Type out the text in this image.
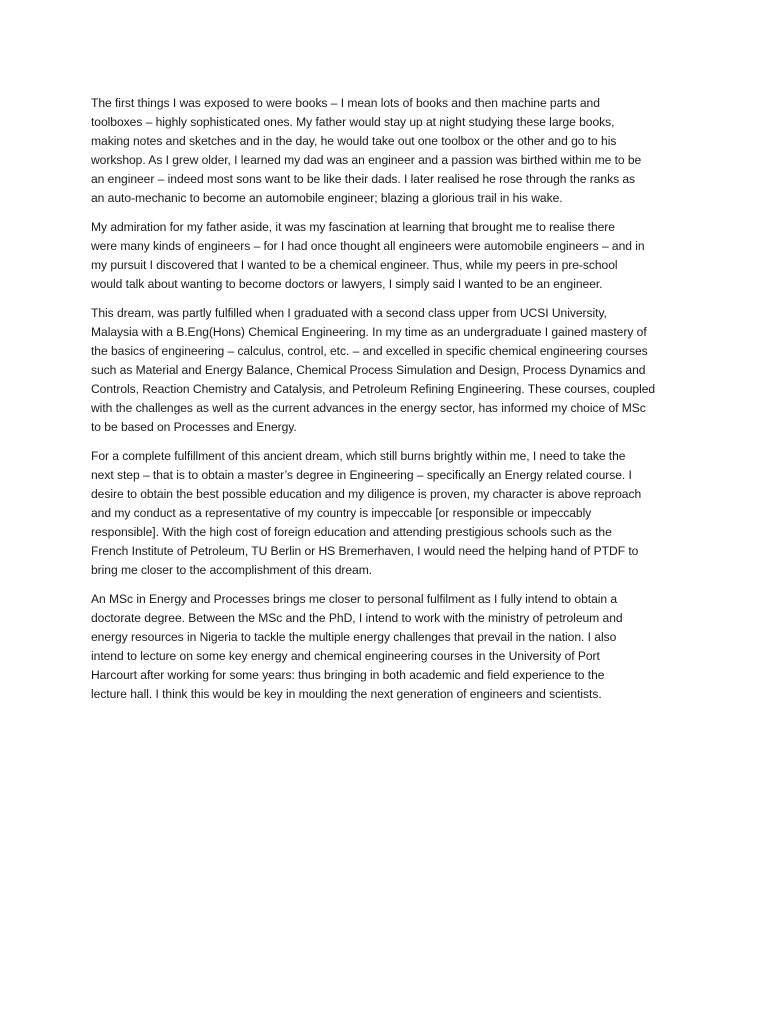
The first things I was exposed to were books – I mean lots of books and then machine parts and
toolboxes – highly sophisticated ones. My father would stay up at night studying these large books,
making notes and sketches and in the day, he would take out one toolbox or the other and go to his
workshop. As I grew older, I learned my dad was an engineer and a passion was birthed within me to be
an engineer – indeed most sons want to be like their dads. I later realised he rose through the ranks as
an auto-mechanic to become an automobile engineer; blazing a glorious trail in his wake.

My admiration for my father aside, it was my fascination at learning that brought me to realise there
were many kinds of engineers – for I had once thought all engineers were automobile engineers – and in
my pursuit I discovered that I wanted to be a chemical engineer. Thus, while my peers in pre-school
would talk about wanting to become doctors or lawyers, I simply said I wanted to be an engineer.

This dream, was partly fulfilled when I graduated with a second class upper from UCSI University,
Malaysia with a B.Eng(Hons) Chemical Engineering. In my time as an undergraduate I gained mastery of
the basics of engineering – calculus, control, etc. – and excelled in specific chemical engineering courses
such as Material and Energy Balance, Chemical Process Simulation and Design, Process Dynamics and
Controls, Reaction Chemistry and Catalysis, and Petroleum Refining Engineering. These courses, coupled
with the challenges as well as the current advances in the energy sector, has informed my choice of MSc
to be based on Processes and Energy.

For a complete fulfillment of this ancient dream, which still burns brightly within me, I need to take the
next step – that is to obtain a master’s degree in Engineering – specifically an Energy related course. I
desire to obtain the best possible education and my diligence is proven, my character is above reproach
and my conduct as a representative of my country is impeccable [or responsible or impeccably
responsible]. With the high cost of foreign education and attending prestigious schools such as the
French Institute of Petroleum, TU Berlin or HS Bremerhaven, I would need the helping hand of PTDF to
bring me closer to the accomplishment of this dream.

An MSc in Energy and Processes brings me closer to personal fulfilment as I fully intend to obtain a
doctorate degree. Between the MSc and the PhD, I intend to work with the ministry of petroleum and
energy resources in Nigeria to tackle the multiple energy challenges that prevail in the nation. I also
intend to lecture on some key energy and chemical engineering courses in the University of Port
Harcourt after working for some years: thus bringing in both academic and field experience to the
lecture hall. I think this would be key in moulding the next generation of engineers and scientists.
